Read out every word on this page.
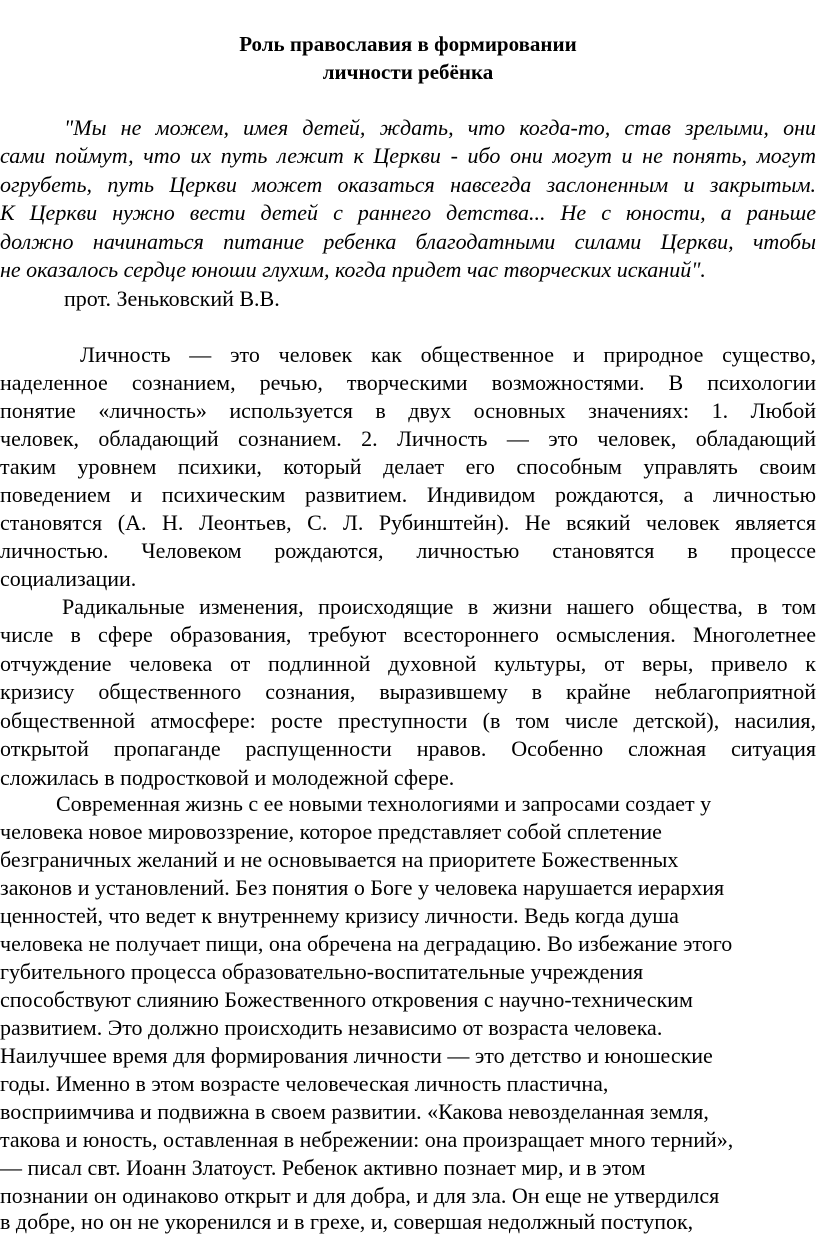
Роль православия в формировании
личности ребёнка

"Мы не можем, имея детей, ждать, что когда-то, став зрелыми, они

сами поймут, что их путь лежит к Церкви - ибо они могут и не понять, могут

огрубеть, путь Церкви может оказаться навсегда заслоненным и закрытым.

К Церкви нужно вести детей с раннего детства... Не с юности, а раньше

должно начинаться питание ребенка благодатными силами Церкви, чтобы

не оказалось сердце юноши глухим, когда придет час творческих исканий".

прот. Зеньковский В.В.

Личность — это человек как общественное и природное существо,

наделенное сознанием, речью, творческими возможностями. В психологии

понятие «личность» используется в двух основных значениях: 1. Любой

человек, обладающий сознанием. 2. Личность — это человек, обладающий

таким уровнем психики, который делает его способным управлять своим

поведением и психическим развитием. Индивидом рождаются, а личностью

становятся (А. Н. Леонтьев, С. Л. Рубинштейн). Не всякий человек является

личностью. Человеком рождаются, личностью становятся в процессе

социализации.

Радикальные изменения, происходящие в жизни нашего общества, в том

числе в сфере образования, требуют всестороннего осмысления. Многолетнее

отчуждение человека от подлинной духовной культуры, от веры, привело к

кризису общественного сознания, выразившему в крайне неблагоприятной

общественной атмосфере: росте преступности (в том числе детской), насилия,

открытой пропаганде распущенности нравов. Особенно сложная ситуация

сложилась в подростковой и молодежной сфере.

Современная жизнь с ее новыми технологиями и запросами создает у

человека новое мировоззрение, которое представляет собой сплетение

безграничных желаний и не основывается на приоритете Божественных

законов и установлений. Без понятия о Боге у человека нарушается иерархия

ценностей, что ведет к внутреннему кризису личности. Ведь когда душа

человека не получает пищи, она обречена на деградацию. Во избежание этого

губительного процесса образовательно-воспитательные учреждения

способствуют слиянию Божественного откровения с научно-техническим

развитием. Это должно происходить независимо от возраста человека.

Наилучшее время для формирования личности — это детство и юношеские

годы. Именно в этом возрасте человеческая личность пластична,

восприимчива и подвижна в своем развитии. «Какова невозделанная земля,

такова и юность, оставленная в небрежении: она произращает много терний»,

— писал свт. Иоанн Златоуст. Ребенок активно познает мир, и в этом

познании он одинаково открыт и для добра, и для зла. Он еще не утвердился

в добре, но он не укоренился и в грехе, и, совершая недолжный поступок,
